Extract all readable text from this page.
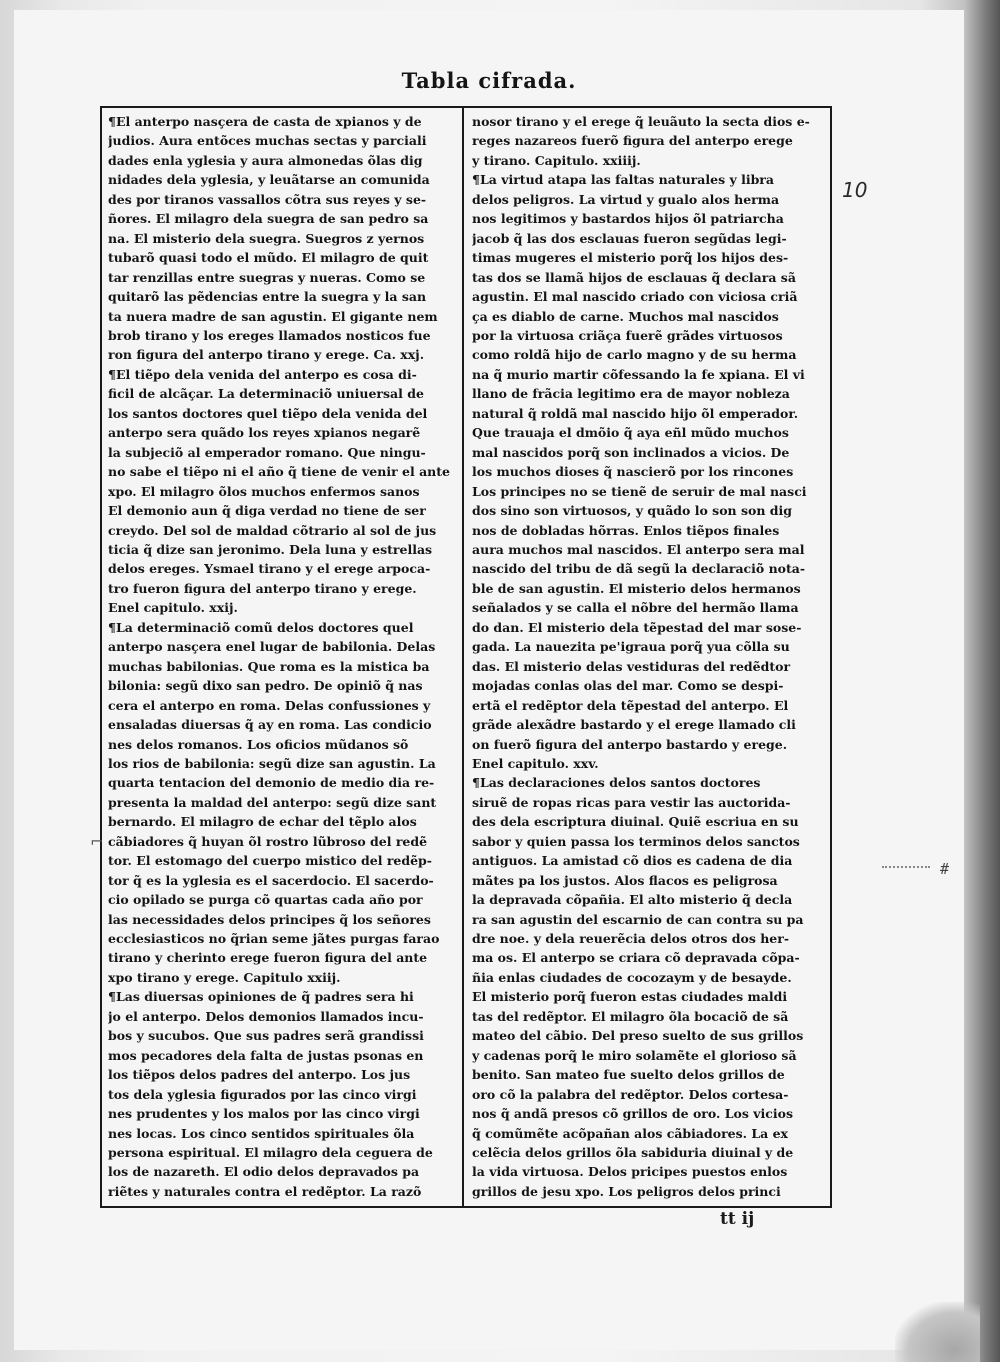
Tabla cifrada.
¶El anterpo nasçera de casta de xpianos y de
judios. Aura entõces muchas sectas y parciali
dades enla yglesia y aura almonedas õlas dig
nidades dela yglesia, y leuãtarse an comunida
des por tiranos vassallos cõtra sus reyes y se-
ñores. El milagro dela suegra de san pedro sa
na. El misterio dela suegra. Suegros z yernos
tubarõ quasi todo el mũdo. El milagro de quit
tar renzillas entre suegras y nueras. Como se
quitarõ las pẽdencias entre la suegra y la san
ta nuera madre de san agustin. El gigante nem
brob tirano y los ereges llamados nosticos fue
ron figura del anterpo tirano y erege. Ca. xxj.
¶El tiẽpo dela venida del anterpo es cosa di-
ficil de alcãçar. La determinaciõ uniuersal de
los santos doctores quel tiẽpo dela venida del
anterpo sera quãdo los reyes xpianos negarẽ
la subjeciõ al emperador romano. Que ningu-
no sabe el tiẽpo ni el año q̃ tiene de venir el ante
xpo. El milagro õlos muchos enfermos sanos
El demonio aun q̃ diga verdad no tiene de ser
creydo. Del sol de maldad cõtrario al sol de jus
ticia q̃ dize san jeronimo. Dela luna y estrellas
delos ereges. Ysmael tirano y el erege arpoca-
tro fueron figura del anterpo tirano y erege.
Enel capitulo. xxij.
¶La determinaciõ comũ delos doctores quel
anterpo nasçera enel lugar de babilonia. Delas
muchas babilonias. Que roma es la mistica ba
bilonia: segũ dixo san pedro. De opiniõ q̃ nas
cera el anterpo en roma. Delas confussiones y
ensaladas diuersas q̃ ay en roma. Las condicio
nes delos romanos. Los oficios mũdanos sõ
los rios de babilonia: segũ dize san agustin. La
quarta tentacion del demonio de medio dia re-
presenta la maldad del anterpo: segũ dize sant
bernardo. El milagro de echar del tẽplo alos
cãbiadores q̃ huyan õl rostro lũbroso del redẽ
tor. El estomago del cuerpo mistico del redẽp-
tor q̃ es la yglesia es el sacerdocio. El sacerdo-
cio opilado se purga cõ quartas cada año por
las necessidades delos principes q̃ los señores
ecclesiasticos no q̃rian seme jãtes purgas farao
tirano y cherinto erege fueron figura del ante
xpo tirano y erege. Capitulo xxiij.
¶Las diuersas opiniones de q̃ padres sera hi
jo el anterpo. Delos demonios llamados incu-
bos y sucubos. Que sus padres serã grandissi
mos pecadores dela falta de justas psonas en
los tiẽpos delos padres del anterpo. Los jus
tos dela yglesia figurados por las cinco virgi
nes prudentes y los malos por las cinco virgi
nes locas. Los cinco sentidos spirituales õla
persona espiritual. El milagro dela ceguera de
los de nazareth. El odio delos depravados pa
riẽtes y naturales contra el redẽptor. La razõ

nosor tirano y el erege q̃ leuãuto la secta dios e-
reges nazareos fuerõ figura del anterpo erege
y tirano. Capitulo. xxiiij.
¶La virtud atapa las faltas naturales y libra
delos peligros. La virtud y gualo alos herma
nos legitimos y bastardos hijos õl patriarcha
jacob q̃ las dos esclauas fueron segũdas legi-
timas mugeres el misterio porq̃ los hijos des-
tas dos se llamã hijos de esclauas q̃ declara sã
agustin. El mal nascido criado con viciosa criã
ça es diablo de carne. Muchos mal nascidos
por la virtuosa criãça fuerẽ grãdes virtuosos
como roldã hijo de carlo magno y de su herma
na q̃ murio martir cõfessando la fe xpiana. El vi
llano de frãcia legitimo era de mayor nobleza
natural q̃ roldã mal nascido hijo õl emperador.
Que trauaja el dmõio q̃ aya eñl mũdo muchos
mal nascidos porq̃ son inclinados a vicios. De
los muchos dioses q̃ nascierõ por los rincones
Los principes no se tienẽ de seruir de mal nasci
dos sino son virtuosos, y quãdo lo son son dig
nos de dobladas hõrras. Enlos tiẽpos finales
aura muchos mal nascidos. El anterpo sera mal
nascido del tribu de dã segũ la declaraciõ nota-
ble de san agustin. El misterio delos hermanos
señalados y se calla el nõbre del hermão llama
do dan. El misterio dela tẽpestad del mar sose-
gada. La nauezita pe'igraua porq̃ yua cõlla su
das. El misterio delas vestiduras del redẽdtor
mojadas conlas olas del mar. Como se despi-
ertã el redẽptor dela tẽpestad del anterpo. El
grãde alexãdre bastardo y el erege llamado cli
on fuerõ figura del anterpo bastardo y erege.
Enel capitulo. xxv.
¶Las declaraciones delos santos doctores
siruẽ de ropas ricas para vestir las auctorida-
des dela escriptura diuinal. Quiẽ escriua en su
sabor y quien passa los terminos delos sanctos
antiguos. La amistad cõ dios es cadena de dia
mãtes pa los justos. Alos flacos es peligrosa
la depravada cõpañia. El alto misterio q̃ decla
ra san agustin del escarnio de can contra su pa
dre noe. y dela reuerẽcia delos otros dos her-
ma os. El anterpo se criara cõ depravada cõpa-
ñia enlas ciudades de cocozaym y de besayde.
El misterio porq̃ fueron estas ciudades maldi
tas del redẽptor. El milagro õla bocaciõ de sã
mateo del cãbio. Del preso suelto de sus grillos
y cadenas porq̃ le miro solamẽte el glorioso sã
benito. San mateo fue suelto delos grillos de
oro cõ la palabra del redẽptor. Delos cortesa-
nos q̃ andã presos cõ grillos de oro. Los vicios
q̃ comũmẽte acõpañan alos cãbiadores. La ex
celẽcia delos grillos õla sabiduria diuinal y de
la vida virtuosa. Delos pricipes puestos enlos
grillos de jesu xpo. Los peligros delos princi

tt ij
10
#
⌐
